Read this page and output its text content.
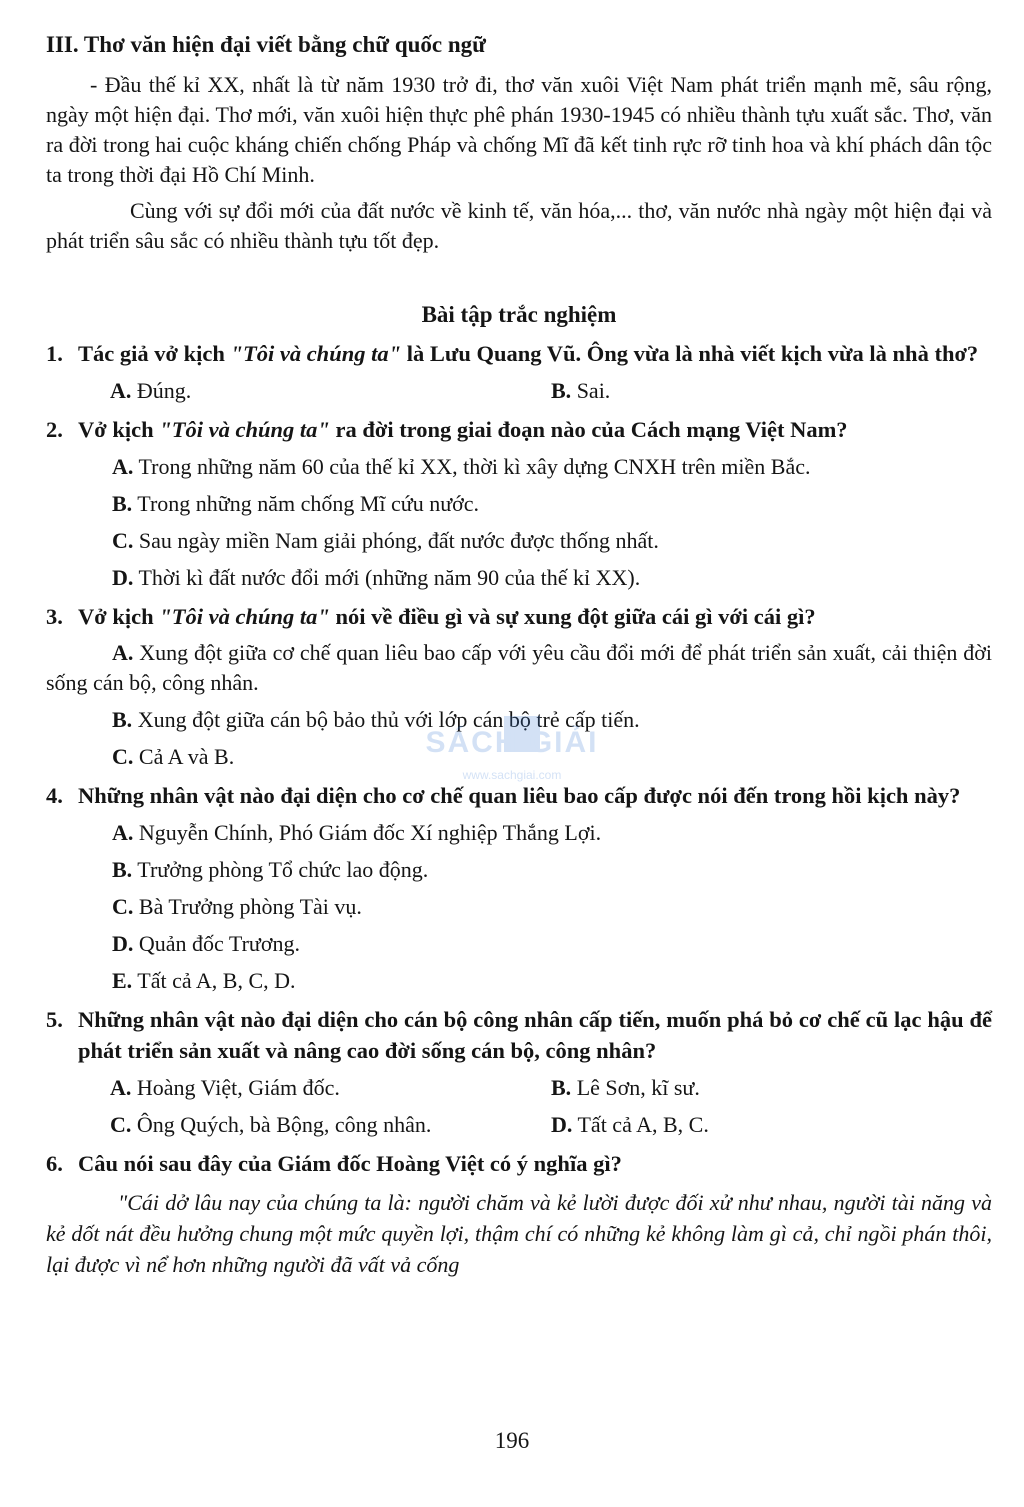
III. Thơ văn hiện đại viết bằng chữ quốc ngữ

- Đầu thế kỉ XX, nhất là từ năm 1930 trở đi, thơ văn xuôi Việt Nam phát triển mạnh mẽ, sâu rộng, ngày một hiện đại. Thơ mới, văn xuôi hiện thực phê phán 1930-1945 có nhiều thành tựu xuất sắc. Thơ, văn ra đời trong hai cuộc kháng chiến chống Pháp và chống Mĩ đã kết tinh rực rỡ tinh hoa và khí phách dân tộc ta trong thời đại Hồ Chí Minh.

Cùng với sự đổi mới của đất nước về kinh tế, văn hóa,... thơ, văn nước nhà ngày một hiện đại và phát triển sâu sắc có nhiều thành tựu tốt đẹp.

Bài tập trắc nghiệm
1. Tác giả vở kịch "Tôi và chúng ta" là Lưu Quang Vũ. Ông vừa là nhà viết kịch vừa là nhà thơ?
A. Đúng.	B. Sai.
2. Vở kịch "Tôi và chúng ta" ra đời trong giai đoạn nào của Cách mạng Việt Nam?
A. Trong những năm 60 của thế kỉ XX, thời kì xây dựng CNXH trên miền Bắc.
B. Trong những năm chống Mĩ cứu nước.
C. Sau ngày miền Nam giải phóng, đất nước được thống nhất.
D. Thời kì đất nước đổi mới (những năm 90 của thế kỉ XX).
3. Vở kịch "Tôi và chúng ta" nói về điều gì và sự xung đột giữa cái gì với cái gì?
A. Xung đột giữa cơ chế quan liêu bao cấp với yêu cầu đổi mới để phát triển sản xuất, cải thiện đời sống cán bộ, công nhân.
B. Xung đột giữa cán bộ bảo thủ với lớp cán bộ trẻ cấp tiến.
C. Cả A và B.
4. Những nhân vật nào đại diện cho cơ chế quan liêu bao cấp được nói đến trong hồi kịch này?
A. Nguyễn Chính, Phó Giám đốc Xí nghiệp Thắng Lợi.
B. Trưởng phòng Tổ chức lao động.
C. Bà Trưởng phòng Tài vụ.
D. Quản đốc Trương.
E. Tất cả A, B, C, D.
5. Những nhân vật nào đại diện cho cán bộ công nhân cấp tiến, muốn phá bỏ cơ chế cũ lạc hậu để phát triển sản xuất và nâng cao đời sống cán bộ, công nhân?
A. Hoàng Việt, Giám đốc.	B. Lê Sơn, kĩ sư.
C. Ông Quých, bà Bộng, công nhân.	D. Tất cả A, B, C.
6. Câu nói sau đây của Giám đốc Hoàng Việt có ý nghĩa gì?

"Cái dở lâu nay của chúng ta là: người chăm và kẻ lười được đối xử như nhau, người tài năng và kẻ dốt nát đều hưởng chung một mức quyền lợi, thậm chí có những kẻ không làm gì cả, chỉ ngồi phán thôi, lại được vì nể hơn những người đã vất vả cống

SÁCH GIẢI
www.sachgiai.com
196
